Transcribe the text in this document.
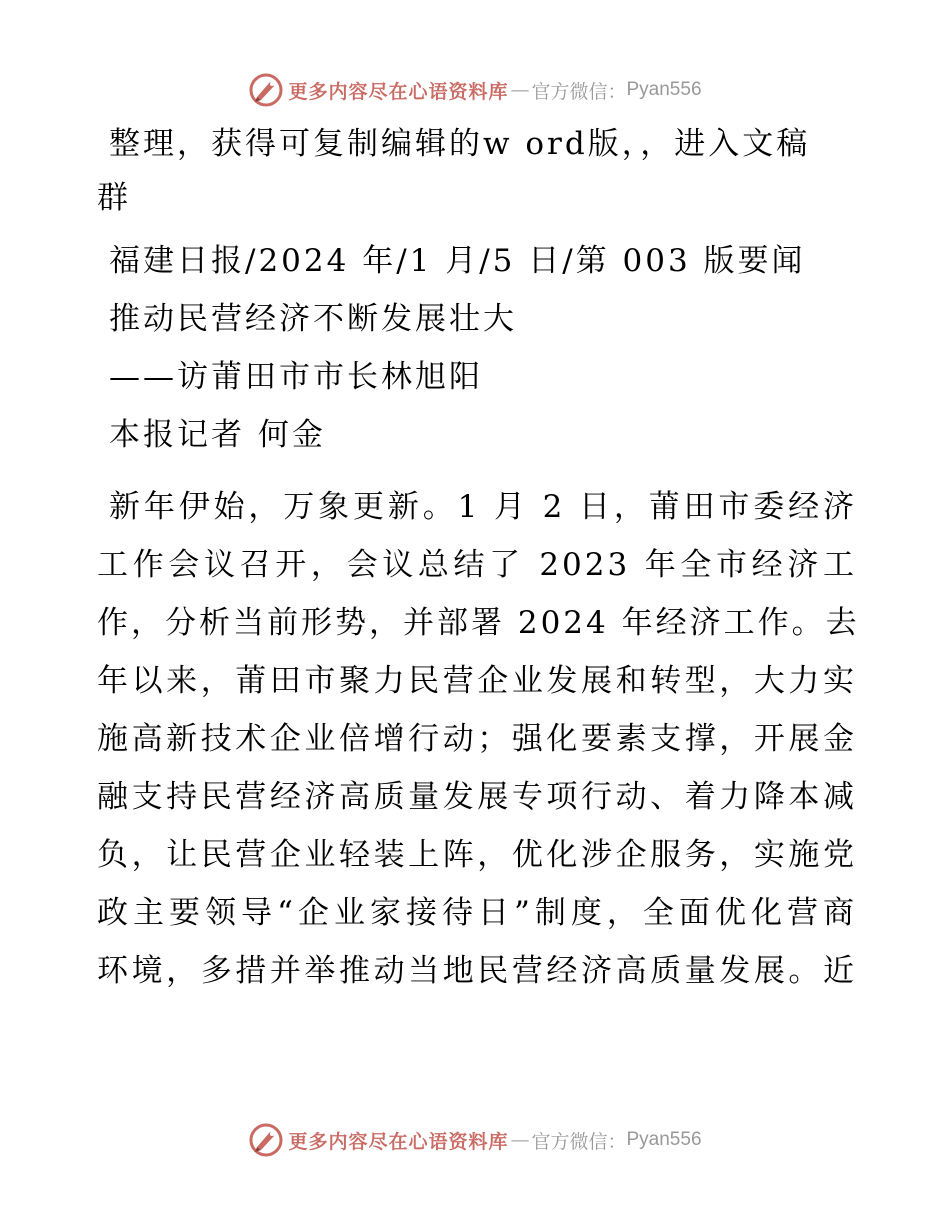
更多内容尽在心语资料库 — 官方微信： Pyan556

整理，获得可复制编辑的w ord版，，进入文稿

群

福建日报/2024 年/1 月/5 日/第 003 版要闻

推动民营经济不断发展壮大

——访莆田市市长林旭阳

本报记者 何金

新年伊始，万象更新。1 月 2 日，莆田市委经济

工作会议召开，会议总结了 2023 年全市经济工

作，分析当前形势，并部署 2024 年经济工作。去

年以来，莆田市聚力民营企业发展和转型，大力实

施高新技术企业倍增行动；强化要素支撑，开展金

融支持民营经济高质量发展专项行动、着力降本减

负，让民营企业轻装上阵，优化涉企服务，实施党

政主要领导“企业家接待日”制度，全面优化营商

环境，多措并举推动当地民营经济高质量发展。近

更多内容尽在心语资料库 — 官方微信： Pyan556
